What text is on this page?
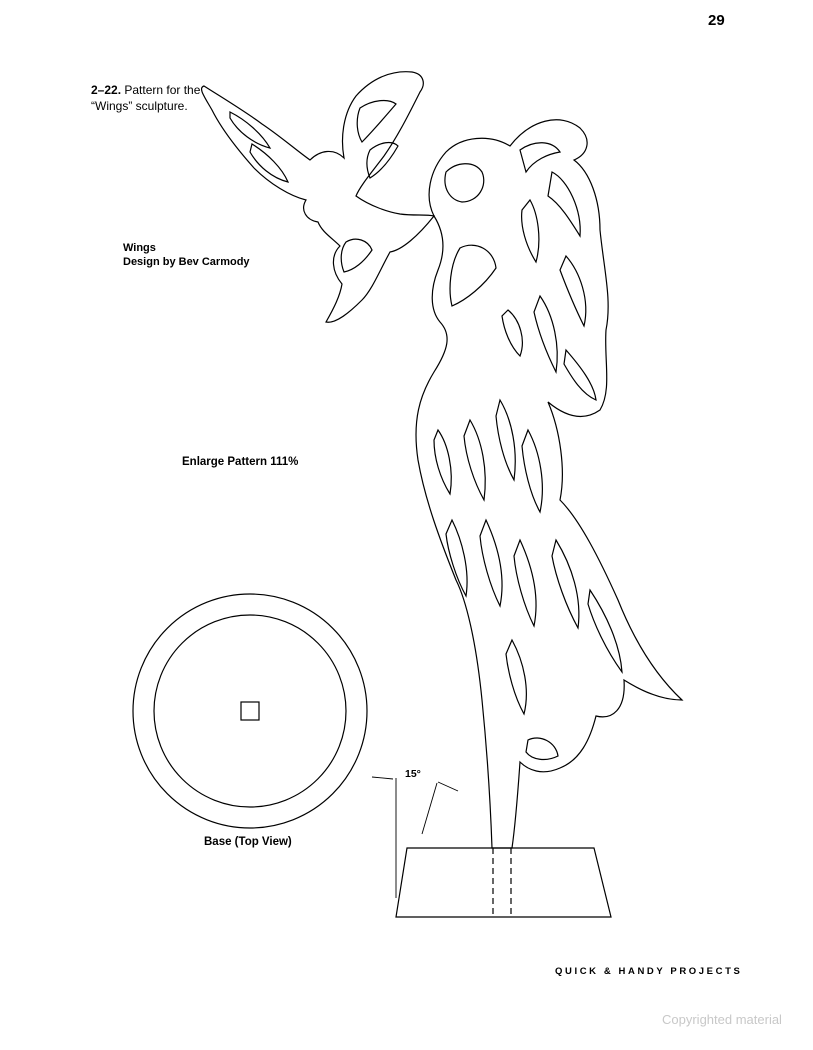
29
2–22. Pattern for the “Wings” sculpture.
Wings
Design by Bev Carmody
Enlarge Pattern 111%
Base (Top View)
15°
QUICK & HANDY PROJECTS
Copyrighted material
